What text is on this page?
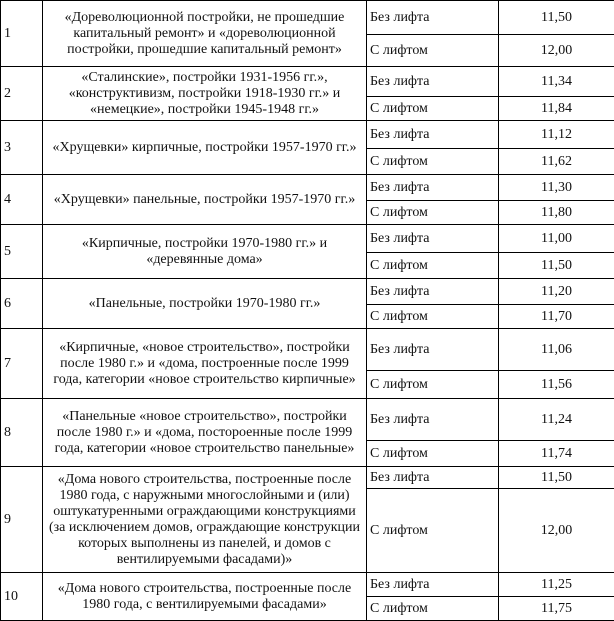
1	«Дореволюционной постройки, не прошедшие капитальный ремонт» и «дореволюционной постройки, прошедшие капитальный ремонт»	Без лифта	11,50
		С лифтом	12,00
2	«Сталинские», постройки 1931-1956 гг.», «конструктивизм, постройки 1918-1930 гг.» и «немецкие», постройки 1945-1948 гг.»	Без лифта	11,34
		С лифтом	11,84
3	«Хрущевки» кирпичные, постройки 1957-1970 гг.»	Без лифта	11,12
		С лифтом	11,62
4	«Хрущевки» панельные, постройки 1957-1970 гг.»	Без лифта	11,30
		С лифтом	11,80
5	«Кирпичные, постройки 1970-1980 гг.» и «деревянные дома»	Без лифта	11,00
		С лифтом	11,50
6	«Панельные, постройки 1970-1980 гг.»	Без лифта	11,20
		С лифтом	11,70
7	«Кирпичные, «новое строительство», постройки после 1980 г.» и «дома, построенные после 1999 года, категории «новое строительство кирпичные»	Без лифта	11,06
		С лифтом	11,56
8	«Панельные «новое строительство», постройки после 1980 г.» и «дома, постороенные после 1999 года, категории «новое строительство панельные»	Без лифта	11,24
		С лифтом	11,74
9	«Дома нового строительства, построенные после 1980 года, с наружными многослойными и (или) оштукатуренными ограждающими конструкциями (за исключением домов, ограждающие конструкции которых выполнены из панелей, и домов с вентилируемыми фасадами)»	Без лифта	11,50
		С лифтом	12,00
10	«Дома нового строительства, построенные после 1980 года, с вентилируемыми фасадами»	Без лифта	11,25
		С лифтом	11,75
